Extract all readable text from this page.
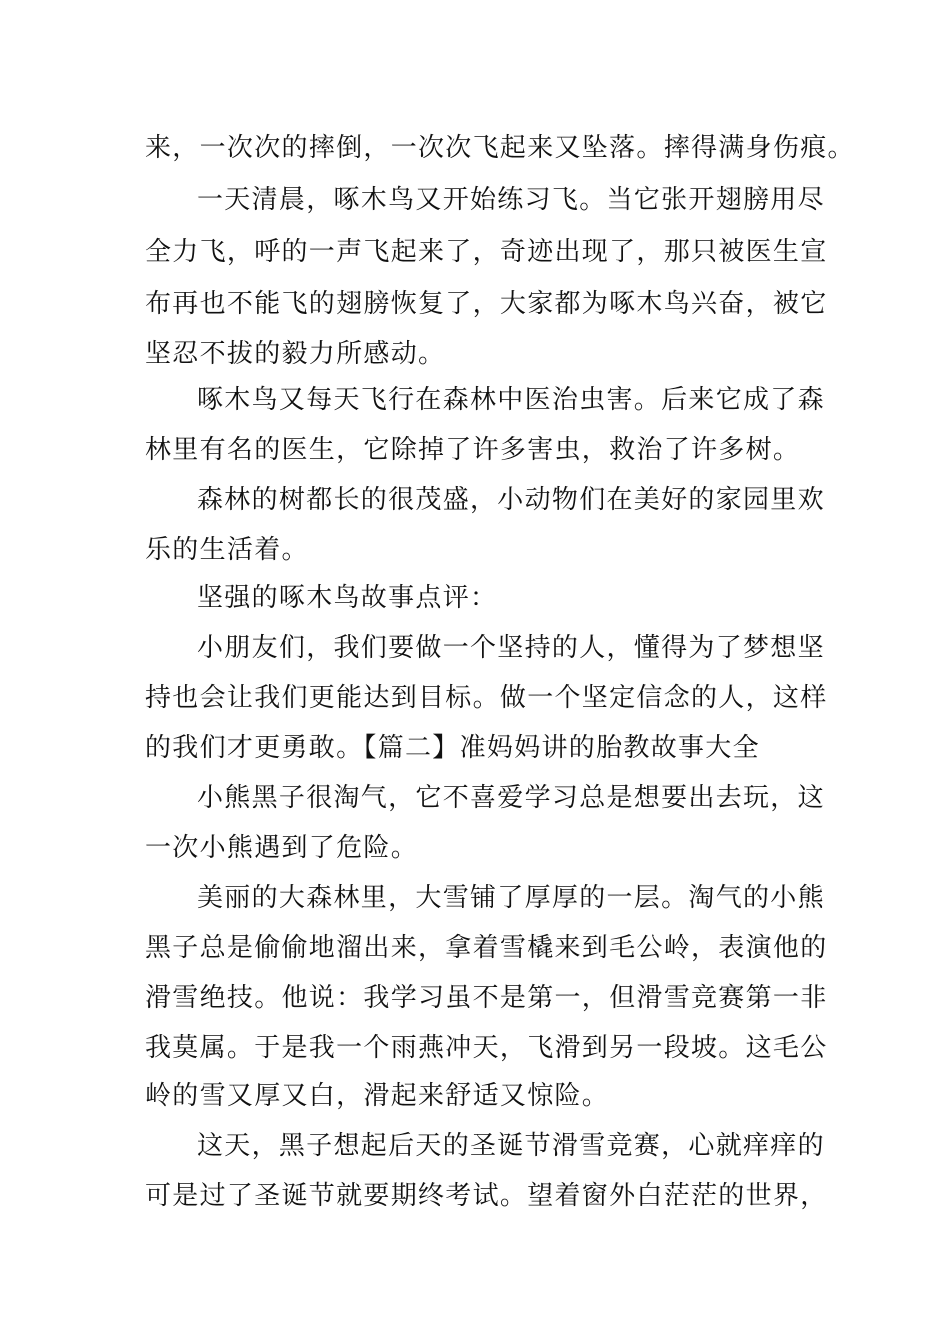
来，一次次的摔倒，一次次飞起来又坠落。摔得满身伤痕。
一天清晨，啄木鸟又开始练习飞。当它张开翅膀用尽
全力飞，呼的一声飞起来了，奇迹出现了，那只被医生宣
布再也不能飞的翅膀恢复了，大家都为啄木鸟兴奋，被它
坚忍不拔的毅力所感动。
啄木鸟又每天飞行在森林中医治虫害。后来它成了森
林里有名的医生，它除掉了许多害虫，救治了许多树。
森林的树都长的很茂盛，小动物们在美好的家园里欢
乐的生活着。
坚强的啄木鸟故事点评：
小朋友们，我们要做一个坚持的人，懂得为了梦想坚
持也会让我们更能达到目标。做一个坚定信念的人，这样
的我们才更勇敢。【篇二】准妈妈讲的胎教故事大全
小熊黑子很淘气，它不喜爱学习总是想要出去玩，这
一次小熊遇到了危险。
美丽的大森林里，大雪铺了厚厚的一层。淘气的小熊
黑子总是偷偷地溜出来，拿着雪橇来到毛公岭，表演他的
滑雪绝技。他说：我学习虽不是第一，但滑雪竞赛第一非
我莫属。于是我一个雨燕冲天，飞滑到另一段坡。这毛公
岭的雪又厚又白，滑起来舒适又惊险。
这天，黑子想起后天的圣诞节滑雪竞赛，心就痒痒的
可是过了圣诞节就要期终考试。望着窗外白茫茫的世界，
